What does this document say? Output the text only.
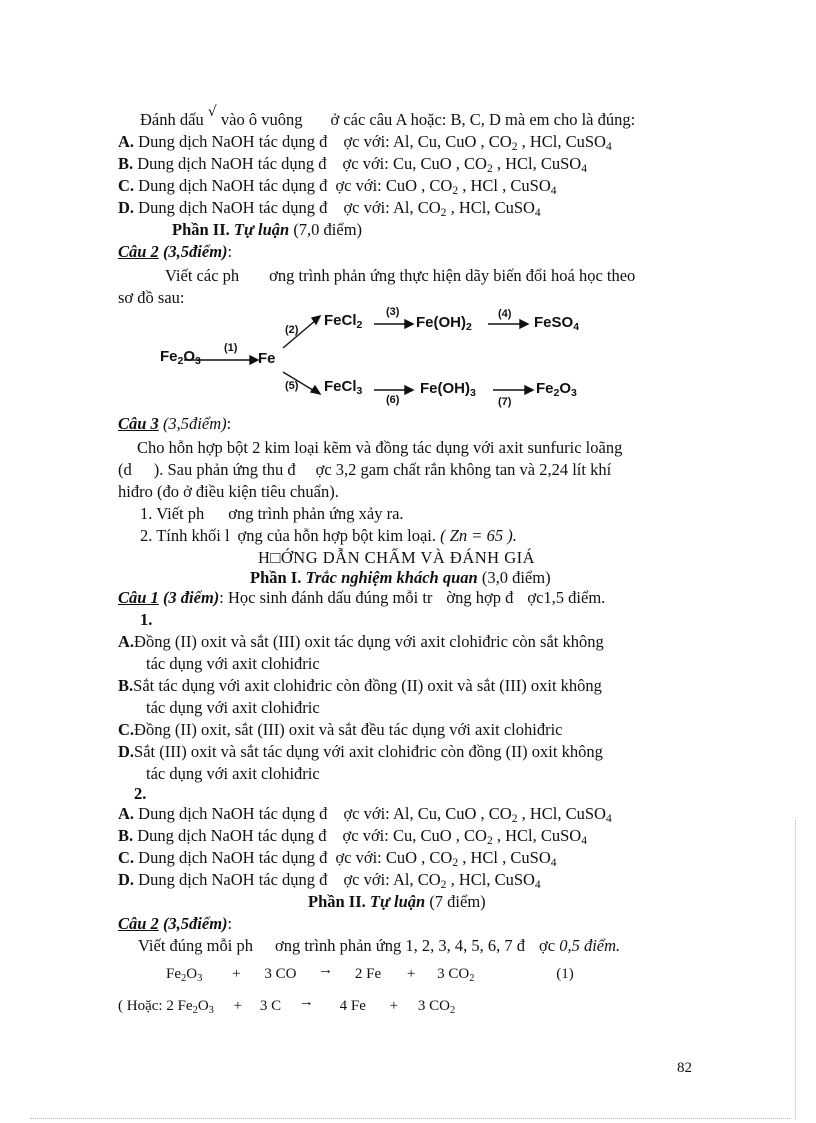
Đánh dấu √ vào ô vuông ở các câu A hoặc: B, C, D mà em cho là đúng:
A. Dung dịch NaOH tác dụng đ ợc với: Al, Cu, CuO , $CO_2$ , HCl, CuSO$_4$
B. Dung dịch NaOH tác dụng đ ợc với: Cu, CuO , $CO_2$ , HCl, CuSO$_4$
C. Dung dịch NaOH tác dụng đ ợc với: CuO , $CO_2$ , HCl , CuSO$_4$
D. Dung dịch NaOH tác dụng đ ợc với: Al, $CO_2$ , HCl, CuSO$_4$
Phần II. Tự luận (7,0 điểm)
Câu 2 (3,5điểm):
Viết các ph ơng trình phản ứng thực hiện dãy biến đổi hoá học theo
sơ đồ sau:
$Fe_2O_3$	Fe
FeCl$_2$	$Fe(OH)_2$	FeSO$_4$
FeCl$_3$	$Fe(OH)_3$	$Fe_2O_3$
(1)
(2)
(3)	(4)
(5)
(6)	(7)
Câu 3 (3,5điểm):
Cho hỗn hợp bột 2 kim loại kẽm và đồng tác dụng với axit sunfuric loãng
(d ). Sau phản ứng thu đ ợc 3,2 gam chất rắn không tan và 2,24 lít khí
hiđro (đo ở điều kiện tiêu chuẩn).
1. Viết ph ơng trình phản ứng xảy ra.
2. Tính khối l ợng của hỗn hợp bột kim loại. ( Zn = 65 ).
H□ỚNG DẪN CHẤM VÀ ĐÁNH GIÁ
Phần I. Trắc nghiệm khách quan (3,0 điểm)
Câu 1 (3 điểm): Học sinh đánh dấu đúng mỗi tr ờng hợp đ ợc1,5 điểm.
1.
A.Đồng (II) oxit và sắt (III) oxit tác dụng với axit clohiđric còn sắt không
tác dụng với axit clohiđric
B.Sắt tác dụng với axit clohiđric còn đồng (II) oxit và sắt (III) oxit không
tác dụng với axit clohiđric
C.Đồng (II) oxit, sắt (III) oxit và sắt đều tác dụng với axit clohiđric
D.Sắt (III) oxit và sắt tác dụng với axit clohiđric còn đồng (II) oxit không
tác dụng với axit clohiđric
2.
A. Dung dịch NaOH tác dụng đ ợc với: Al, Cu, CuO , $CO_2$ , HCl, CuSO$_4$
B. Dung dịch NaOH tác dụng đ ợc với: Cu, CuO , $CO_2$ , HCl, CuSO$_4$
C. Dung dịch NaOH tác dụng đ ợc với: CuO , $CO_2$ , HCl , CuSO$_4$
D. Dung dịch NaOH tác dụng đ ợc với: Al, $CO_2$ , HCl, CuSO$_4$
Phần II. Tự luận (7 điểm)
Câu 2 (3,5điểm):
Viết đúng mỗi ph ơng trình phản ứng 1, 2, 3, 4, 5, 6, 7 đ ợc 0,5 điểm.
$Fe_2O_3 + 3$ CO → 2 Fe + 3 $CO_2$	(1)
( Hoặc: 2 $Fe_2O_3 + 3$ C → 4 Fe + 3 $CO_2$
82
